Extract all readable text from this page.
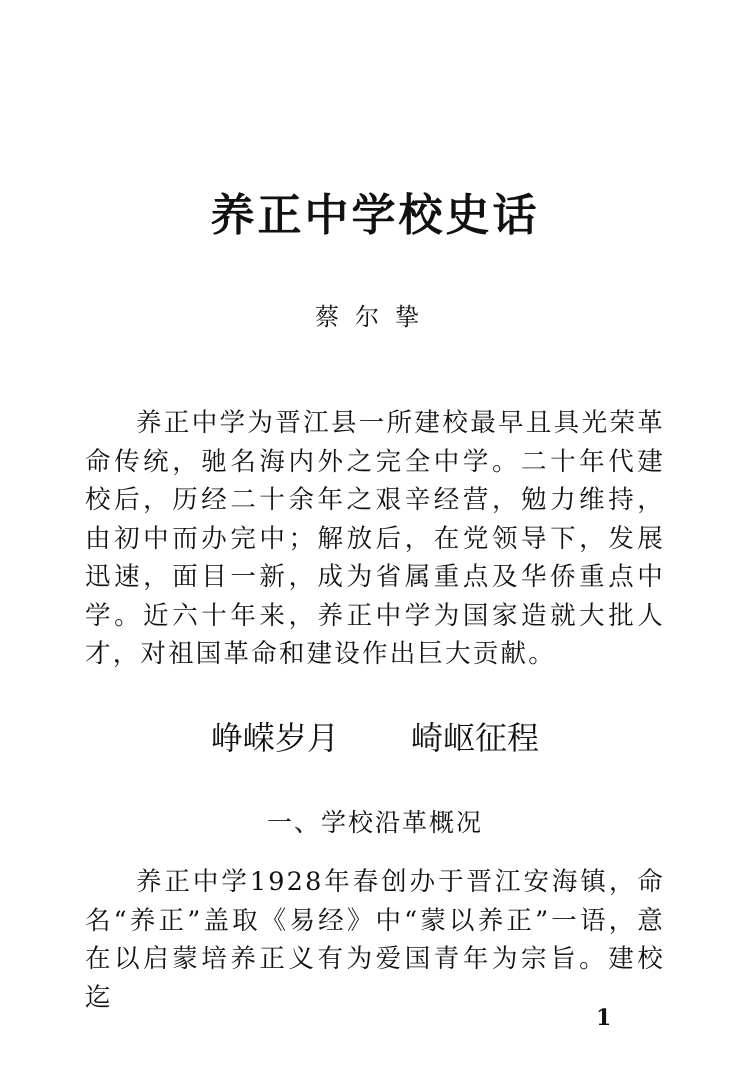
养正中学校史话
蔡尔挚

养正中学为晋江县一所建校最早且具光荣革命传统，驰名海内外之完全中学。二十年代建校后，历经二十余年之艰辛经营，勉力维持，由初中而办完中；解放后，在党领导下，发展迅速，面目一新，成为省属重点及华侨重点中学。近六十年来，养正中学为国家造就大批人才，对祖国革命和建设作出巨大贡献。

峥嵘岁月 崎岖征程
一、学校沿革概况

养正中学1928年春创办于晋江安海镇，命名“养正”盖取《易经》中“蒙以养正”一语，意在以启蒙培养正义有为爱国青年为宗旨。建校迄

1
